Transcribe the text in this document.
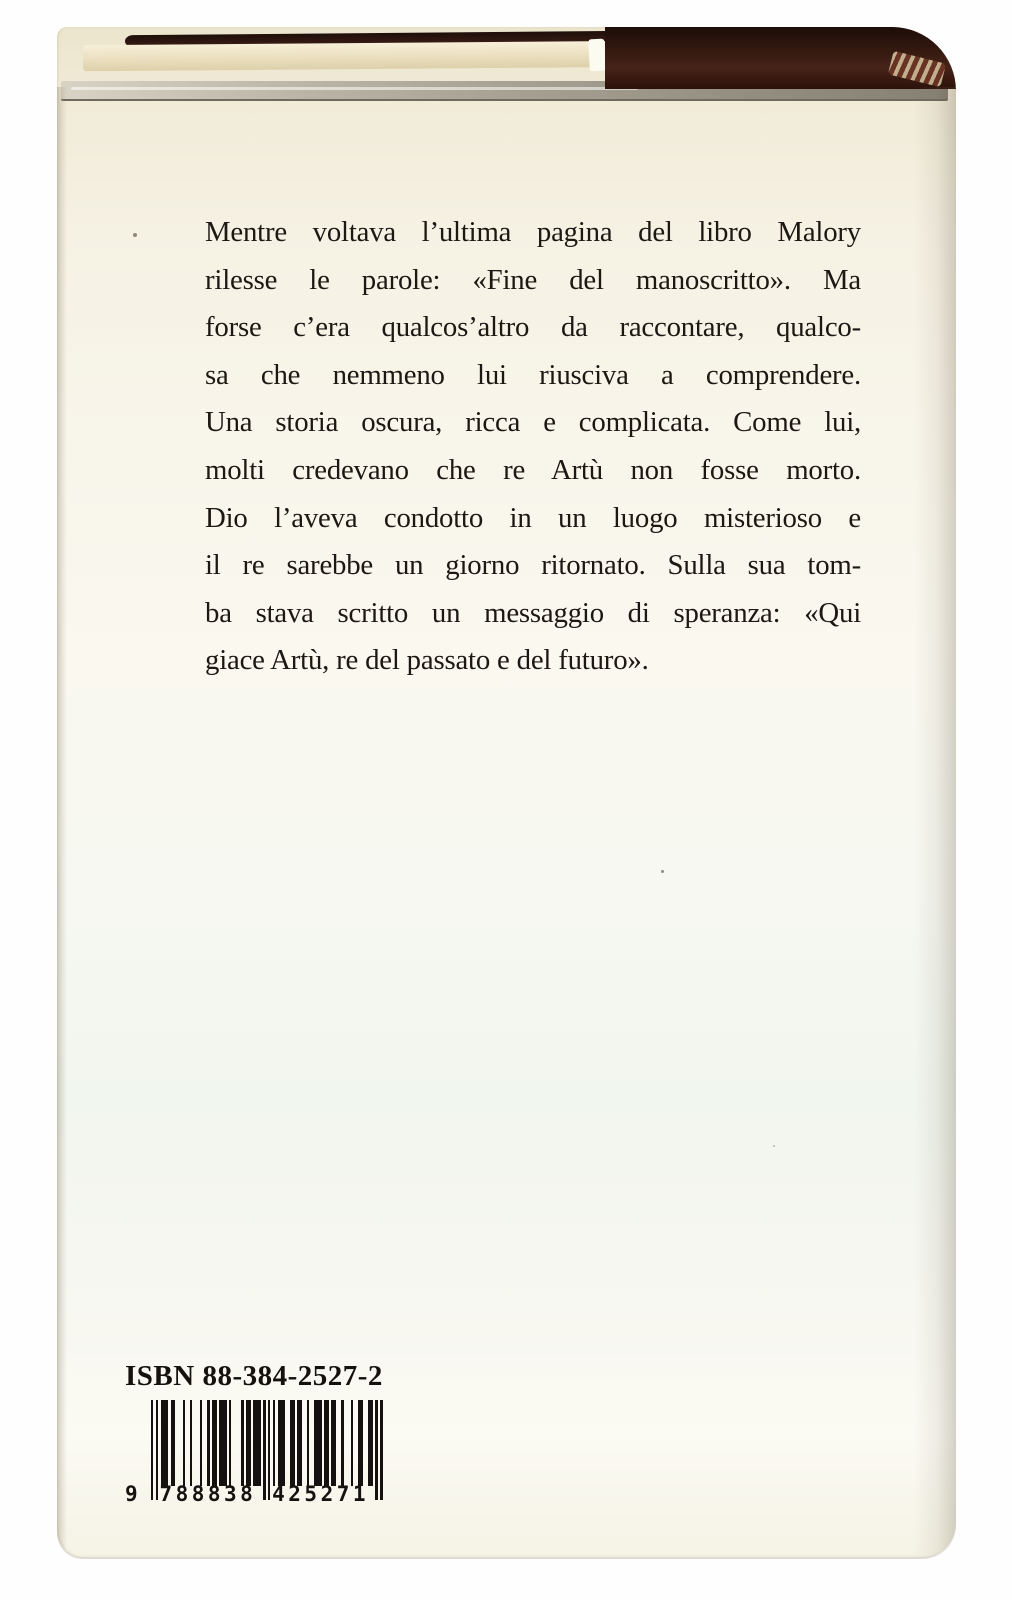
Mentre voltava l’ultima pagina del libro Malory
rilesse le parole: «Fine del manoscritto». Ma
forse c’era qualcos’altro da raccontare, qualco-
sa che nemmeno lui riusciva a comprendere.
Una storia oscura, ricca e complicata. Come lui,
molti credevano che re Artù non fosse morto.
Dio l’aveva condotto in un luogo misterioso e
il re sarebbe un giorno ritornato. Sulla sua tom-
ba stava scritto un messaggio di speranza: «Qui
giace Artù, re del passato e del futuro».
ISBN 88-384-2527-2
9	788838 425271
